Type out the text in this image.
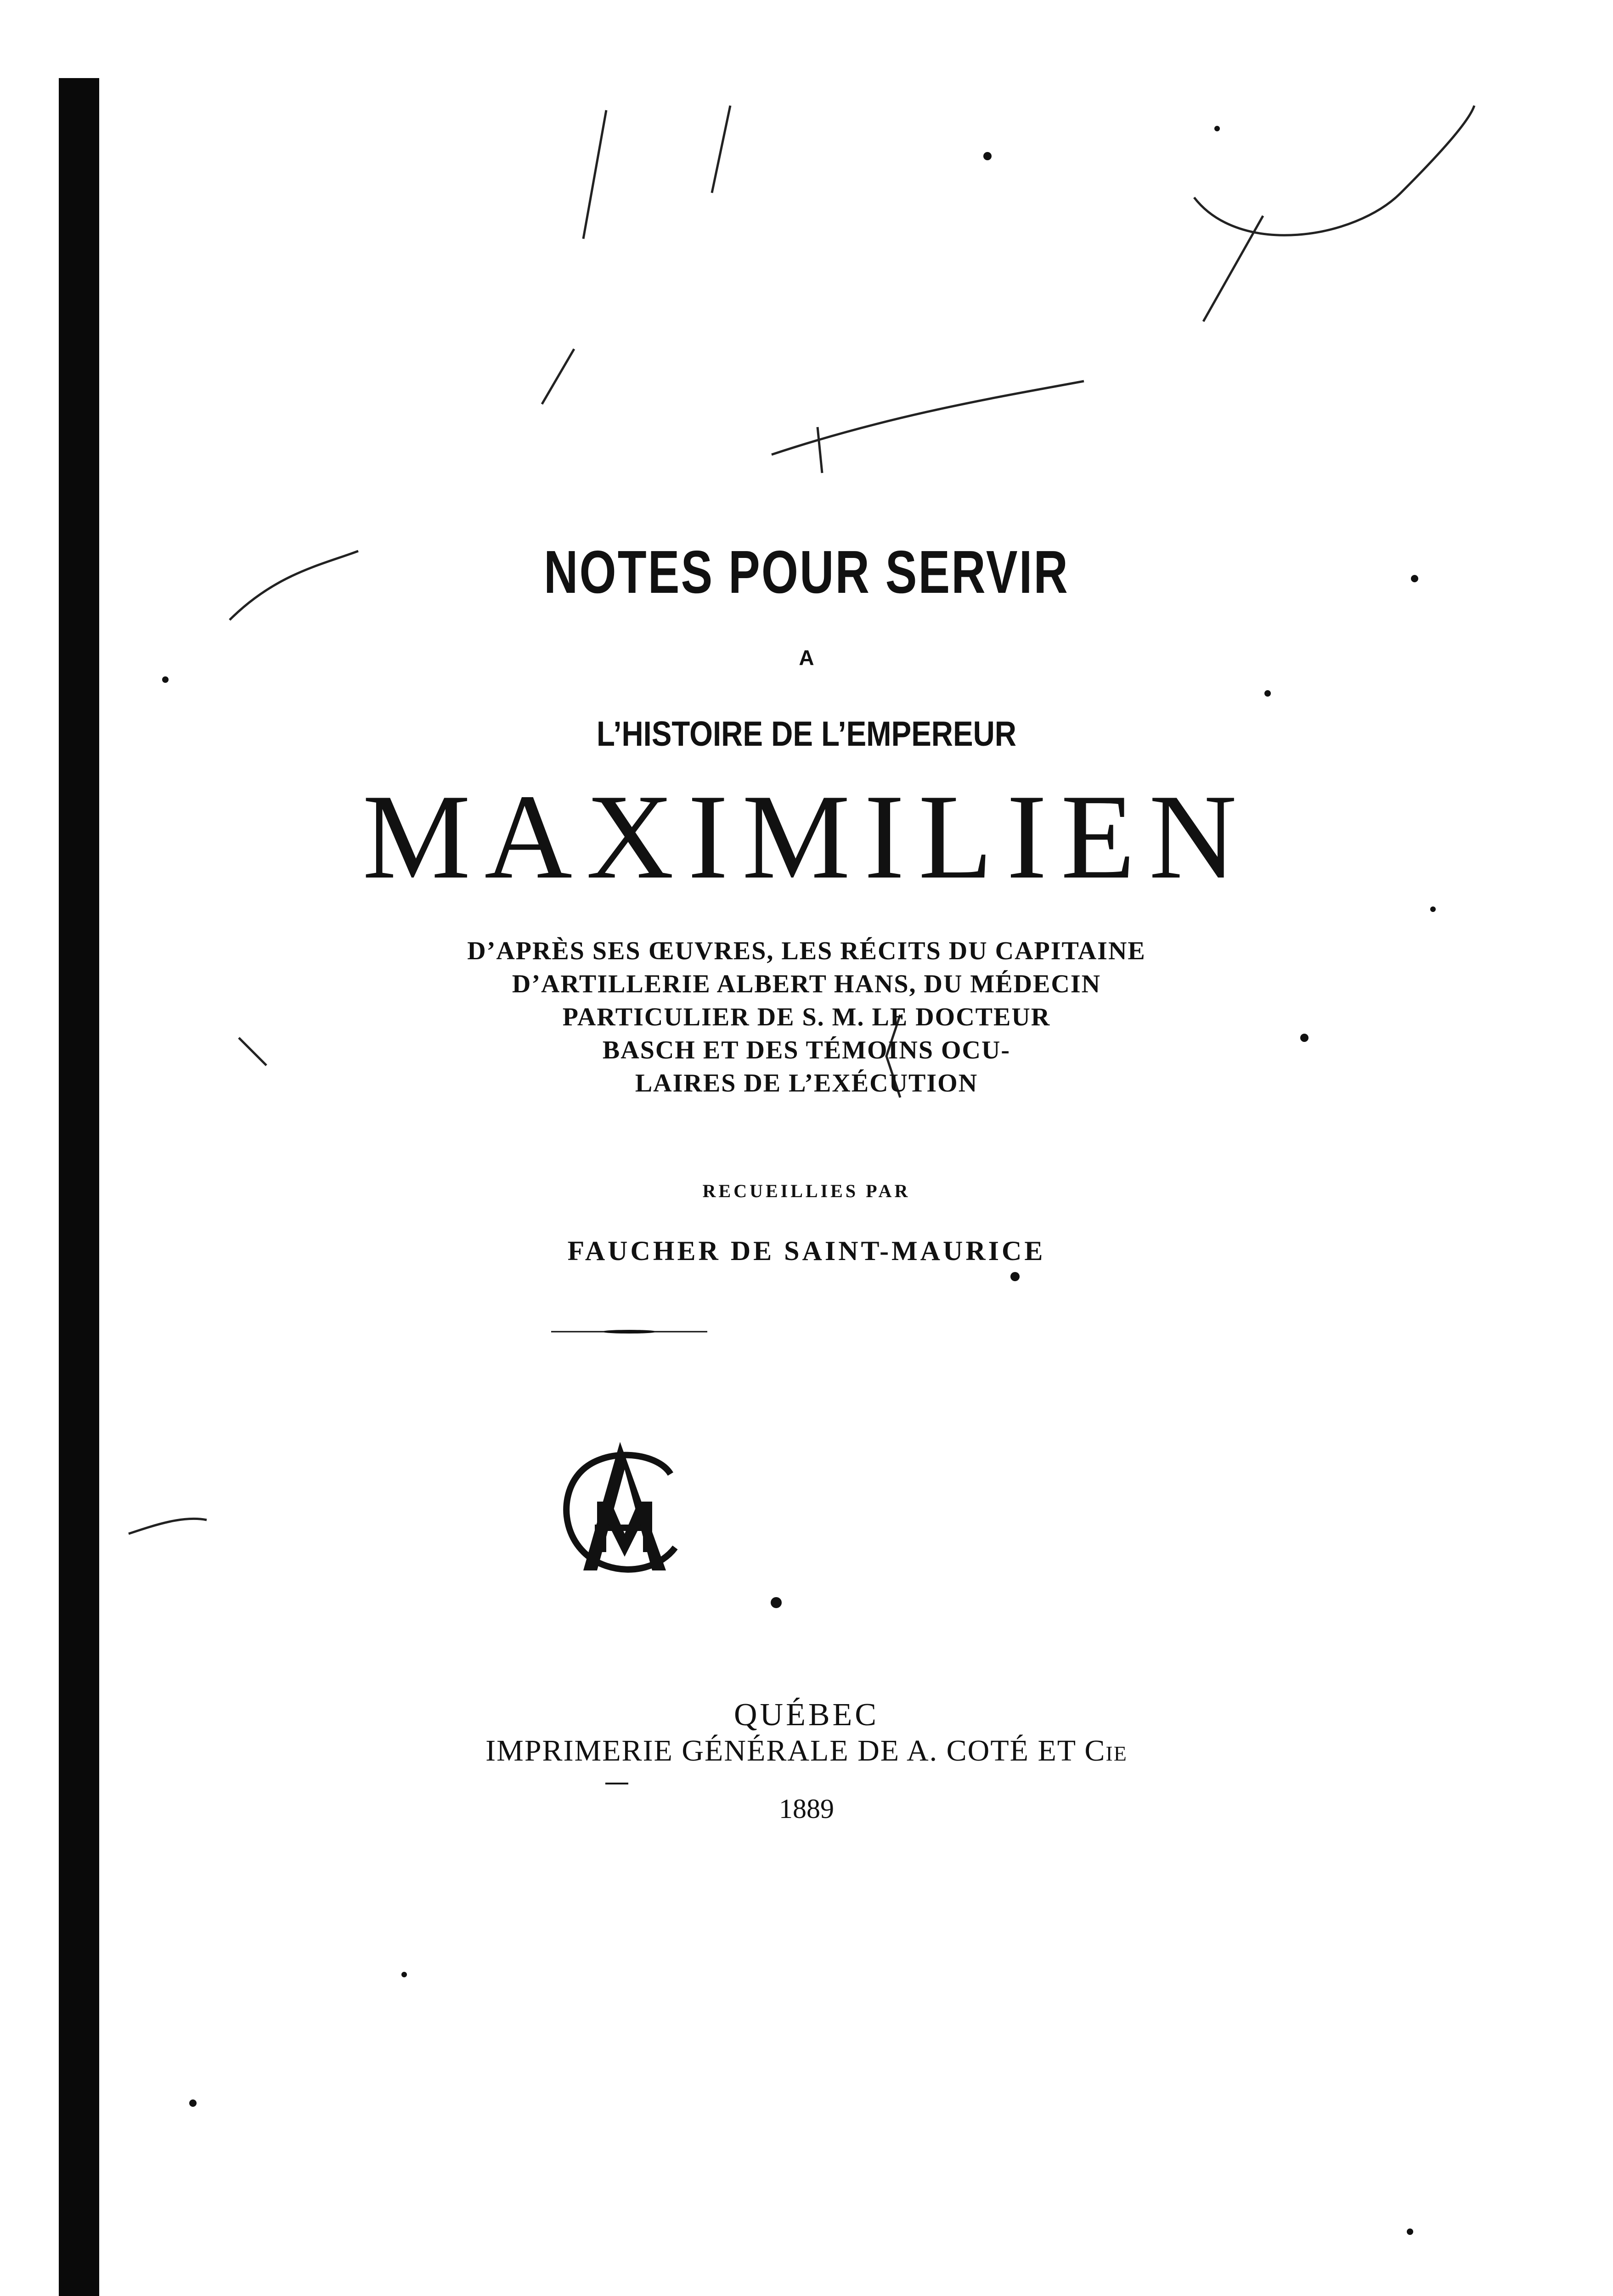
NOTES POUR SERVIR
A
L’HISTOIRE DE L’EMPEREUR
MAXIMILIEN
D’APRÈS SES ŒUVRES, LES RÉCITS DU CAPITAINE
D’ARTILLERIE ALBERT HANS, DU MÉDECIN
PARTICULIER DE S. M. LE DOCTEUR
BASCH ET DES TÉMOINS OCU-
LAIRES DE L’EXÉCUTION
RECUEILLIES PAR
FAUCHER DE SAINT-MAURICE
QUÉBEC
IMPRIMERIE GÉNÉRALE DE A. COTÉ ET Cie
1889
